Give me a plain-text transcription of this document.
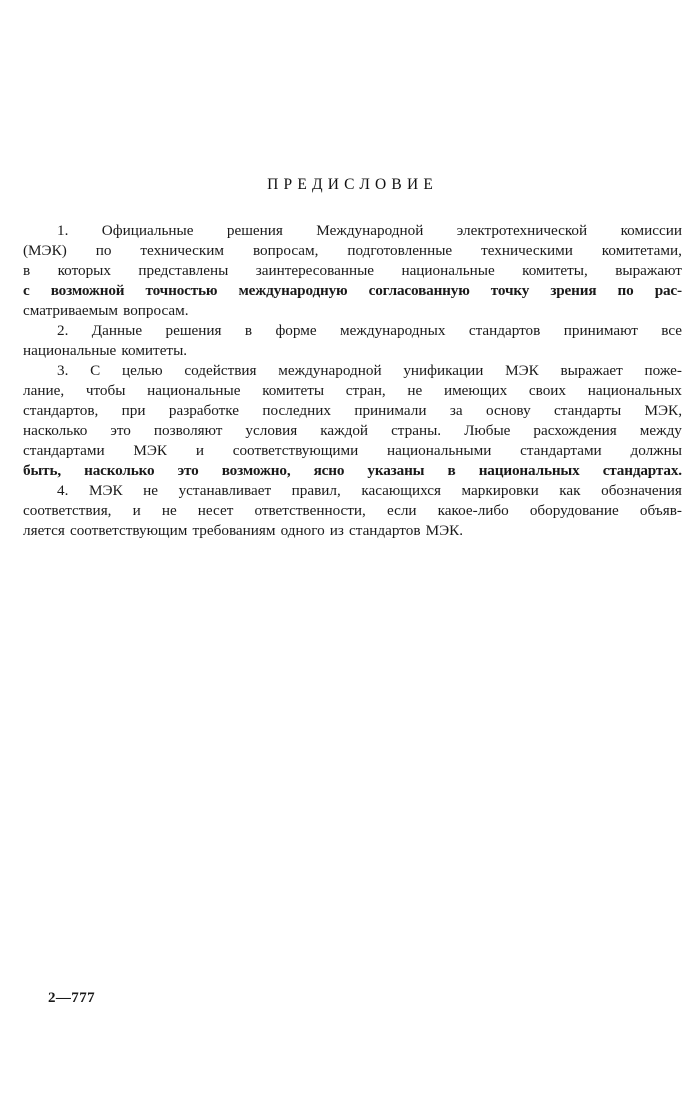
ПРЕДИСЛОВИЕ
1. Официальные решения Международной электротехнической комиссии
(МЭК) по техническим вопросам, подготовленные техническими комитетами,
в которых представлены заинтересованные национальные комитеты, выражают
с возможной точностью международную согласованную точку зрения по рас-
сматриваемым вопросам.
2. Данные решения в форме международных стандартов принимают все
национальные комитеты.
3. С целью содействия международной унификации МЭК выражает поже-
лание, чтобы национальные комитеты стран, не имеющих своих национальных
стандартов, при разработке последних принимали за основу стандарты МЭК,
насколько это позволяют условия каждой страны. Любые расхождения между
стандартами МЭК и соответствующими национальными стандартами должны
быть, насколько это возможно, ясно указаны в национальных стандартах.
4. МЭК не устанавливает правил, касающихся маркировки как обозначения
соответствия, и не несет ответственности, если какое-либо оборудование объяв-
ляется соответствующим требованиям одного из стандартов МЭК.
2—777
